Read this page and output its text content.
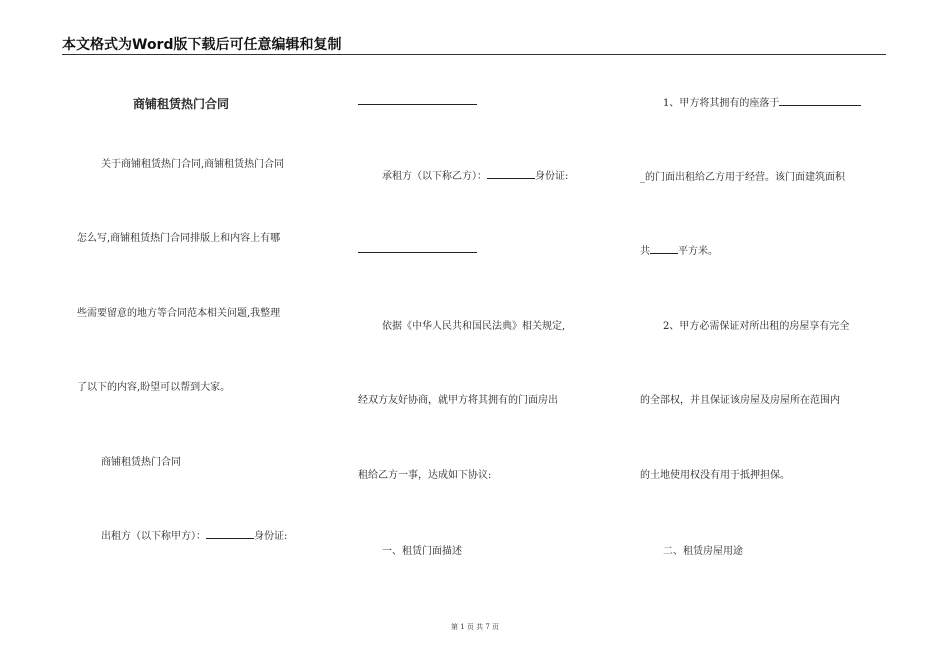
本文格式为Word版下载后可任意编辑和复制
商铺租赁热门合同
关于商铺租赁热门合同,商铺租赁热门合同
怎么写,商铺租赁热门合同排版上和内容上有哪
些需要留意的地方等合同范本相关问题,我整理
了以下的内容,盼望可以帮到大家。
商铺租赁热门合同
出租方（以下称甲方）：	身份证:
承租方（以下称乙方）：	身份证:
依据《中华人民共和国民法典》相关规定,
经双方友好协商，就甲方将其拥有的门面房出
租给乙方一事，达成如下协议:
一、租赁门面描述
1、甲方将其拥有的座落于
_的门面出租给乙方用于经营。该门面建筑面积
共	平方米。
2、甲方必需保证对所出租的房屋享有完全
的全部权，并且保证该房屋及房屋所在范围内
的土地使用权没有用于抵押担保。
二、租赁房屋用途
第 1 页 共 7 页
